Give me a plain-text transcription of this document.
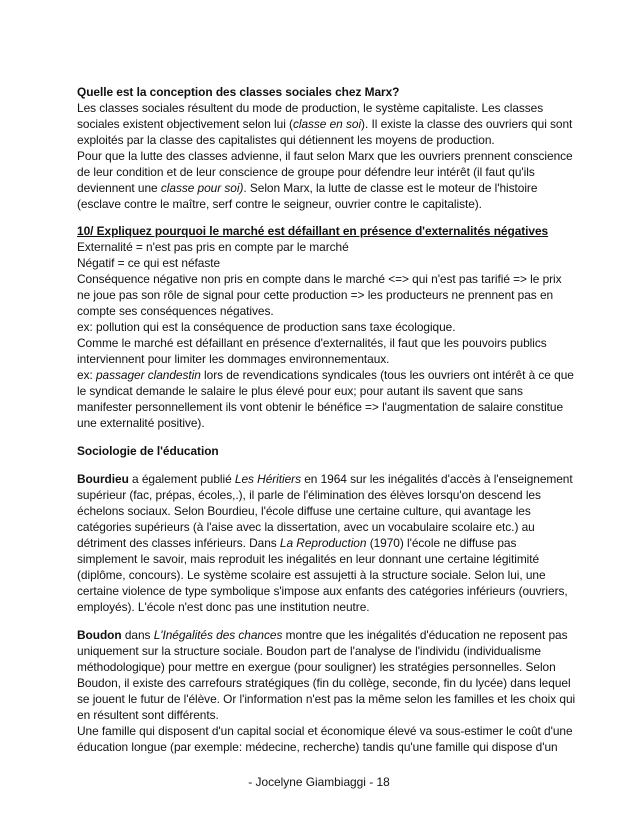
Quelle est la conception des classes sociales chez Marx?
Les classes sociales résultent du mode de production, le système capitaliste. Les classes
sociales existent objectivement selon lui (classe en soi). Il existe la classe des ouvriers qui sont
exploités par la classe des capitalistes qui détiennent les moyens de production.
Pour que la lutte des classes advienne, il faut selon Marx que les ouvriers prennent conscience
de leur condition et de leur conscience de groupe pour défendre leur intérêt (il faut qu'ils
deviennent une classe pour soi). Selon Marx, la lutte de classe est le moteur de l'histoire
(esclave contre le maître, serf contre le seigneur, ouvrier contre le capitaliste).
10/ Expliquez pourquoi le marché est défaillant en présence d'externalités négatives
Externalité = n'est pas pris en compte par le marché
Négatif = ce qui est néfaste
Conséquence négative non pris en compte dans le marché <=> qui n'est pas tarifié => le prix
ne joue pas son rôle de signal pour cette production => les producteurs ne prennent pas en
compte ses conséquences négatives.
ex: pollution qui est la conséquence de production sans taxe écologique.
Comme le marché est défaillant en présence d'externalités, il faut que les pouvoirs publics
interviennent pour limiter les dommages environnementaux.
ex: passager clandestin lors de revendications syndicales (tous les ouvriers ont intérêt à ce que
le syndicat demande le salaire le plus élevé pour eux; pour autant ils savent que sans
manifester personnellement ils vont obtenir le bénéfice => l'augmentation de salaire constitue
une externalité positive).
Sociologie de l'éducation
Bourdieu a également publié Les Héritiers en 1964 sur les inégalités d'accès à l'enseignement
supérieur (fac, prépas, écoles,.), il parle de l'élimination des élèves lorsqu'on descend les
échelons sociaux. Selon Bourdieu, l'école diffuse une certaine culture, qui avantage les
catégories supérieurs (à l'aise avec la dissertation, avec un vocabulaire scolaire etc.) au
détriment des classes inférieurs. Dans La Reproduction (1970) l'école ne diffuse pas
simplement le savoir, mais reproduit les inégalités en leur donnant une certaine légitimité
(diplôme, concours). Le système scolaire est assujetti à la structure sociale. Selon lui, une
certaine violence de type symbolique s'impose aux enfants des catégories inférieurs (ouvriers,
employés). L'école n'est donc pas une institution neutre.
Boudon dans L'Inégalités des chances montre que les inégalités d'éducation ne reposent pas
uniquement sur la structure sociale. Boudon part de l'analyse de l'individu (individualisme
méthodologique) pour mettre en exergue (pour souligner) les stratégies personnelles. Selon
Boudon, il existe des carrefours stratégiques (fin du collège, seconde, fin du lycée) dans lequel
se jouent le futur de l'élève. Or l'information n'est pas la même selon les familles et les choix qui
en résultent sont différents.
Une famille qui disposent d'un capital social et économique élevé va sous-estimer le coût d'une
éducation longue (par exemple: médecine, recherche) tandis qu'une famille qui dispose d'un
- Jocelyne Giambiaggi - 18
